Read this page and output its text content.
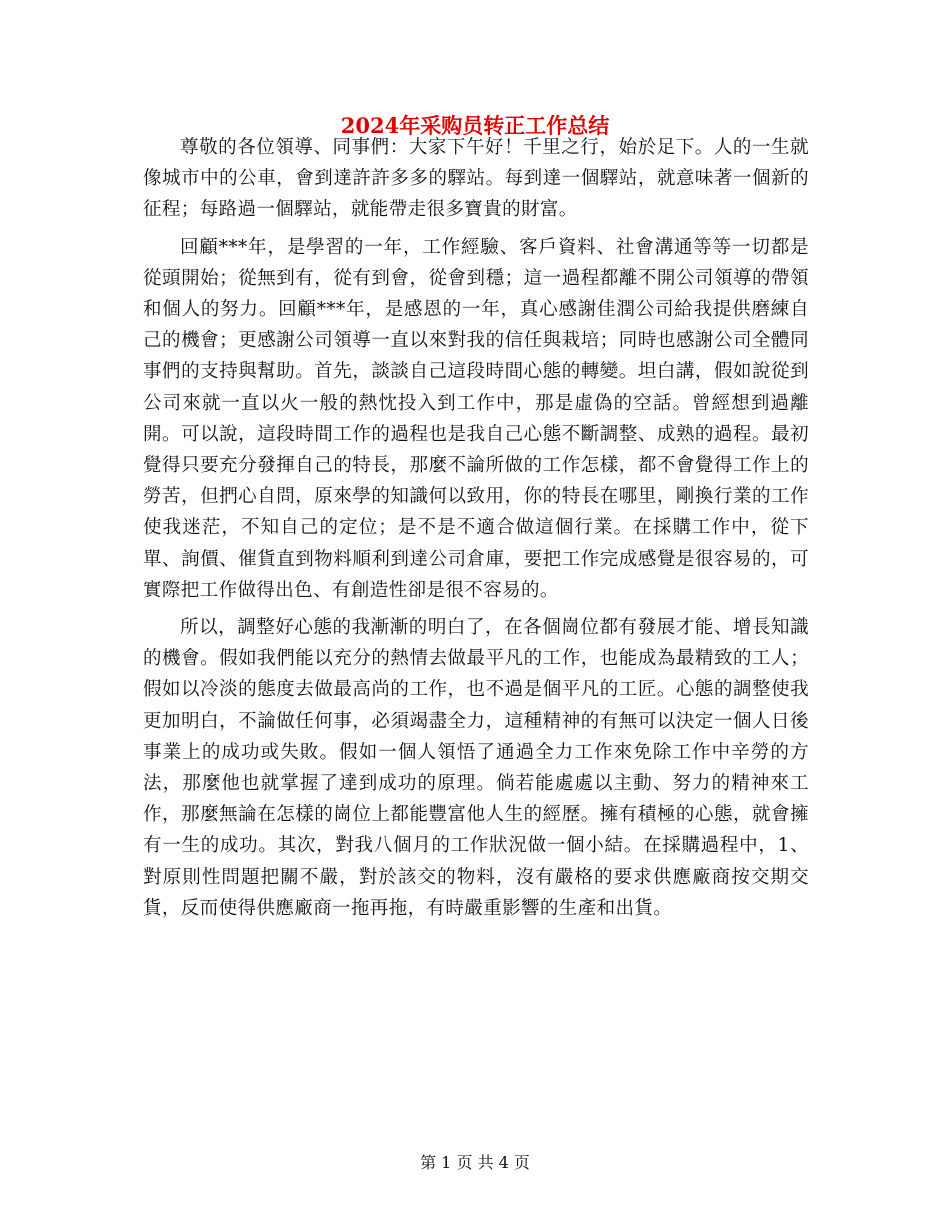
2024年采购员转正工作总结

尊敬的各位領導、同事們：大家下午好！千里之行，始於足下。人的一生就像城市中的公車，會到達許許多多的驛站。每到達一個驛站，就意味著一個新的征程；每路過一個驛站，就能帶走很多寶貴的財富。

回顧***年，是學習的一年，工作經驗、客戶資料、社會溝通等等一切都是從頭開始；從無到有，從有到會，從會到穩；這一過程都離不開公司領導的帶領和個人的努力。回顧***年，是感恩的一年，真心感謝佳潤公司給我提供磨練自己的機會；更感謝公司領導一直以來對我的信任與栽培；同時也感謝公司全體同事們的支持與幫助。首先，談談自己這段時間心態的轉變。坦白講，假如說從到公司來就一直以火一般的熱忱投入到工作中，那是虛偽的空話。曾經想到過離開。可以說，這段時間工作的過程也是我自己心態不斷調整、成熟的過程。最初覺得只要充分發揮自己的特長，那麼不論所做的工作怎樣，都不會覺得工作上的勞苦，但捫心自問，原來學的知識何以致用，你的特長在哪里，剛換行業的工作使我迷茫，不知自己的定位；是不是不適合做這個行業。在採購工作中，從下單、詢價、催貨直到物料順利到達公司倉庫，要把工作完成感覺是很容易的，可實際把工作做得出色、有創造性卻是很不容易的。

所以，調整好心態的我漸漸的明白了，在各個崗位都有發展才能、增長知識的機會。假如我們能以充分的熱情去做最平凡的工作，也能成為最精致的工人；假如以冷淡的態度去做最高尚的工作，也不過是個平凡的工匠。心態的調整使我更加明白，不論做任何事，必須竭盡全力，這種精神的有無可以決定一個人日後事業上的成功或失敗。假如一個人領悟了通過全力工作來免除工作中辛勞的方法，那麼他也就掌握了達到成功的原理。倘若能處處以主動、努力的精神來工作，那麼無論在怎樣的崗位上都能豐富他人生的經歷。擁有積極的心態，就會擁有一生的成功。其次，對我八個月的工作狀況做一個小結。在採購過程中，1、對原則性問題把關不嚴，對於該交的物料，沒有嚴格的要求供應廠商按交期交貨，反而使得供應廠商一拖再拖，有時嚴重影響的生產和出貨。

第 1 页 共 4 页
